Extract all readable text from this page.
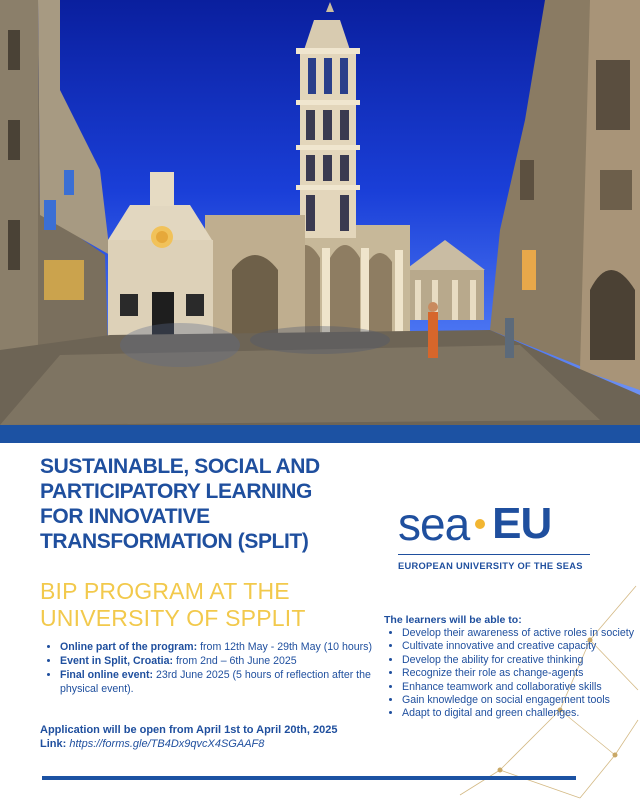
SUSTAINABLE, SOCIAL AND PARTICIPATORY LEARNING FOR INNOVATIVE TRANSFORMATION (SPLIT)
BIP PROGRAM AT THE UNIVERSITY OF SPPLIT
• Online part of the program: from 12th May - 29th May (10 hours)
• Event in Split, Croatia: from 2nd – 6th June 2025
• Final online event: 23rd June 2025 (5 hours of reflection after the physical event).
Application will be open from April 1st to April 20th, 2025
Link: https://forms.gle/TB4Dx9qvcX4SGAAF8
sea EU
EUROPEAN UNIVERSITY OF THE SEAS
The learners will be able to:
• Develop their awareness of active roles in society
• Cultivate innovative and creative capacity
• Develop the ability for creative thinking
• Recognize their role as change-agents
• Enhance teamwork and collaborative skills
• Gain knowledge on social engagement tools
• Adapt to digital and green challenges.
